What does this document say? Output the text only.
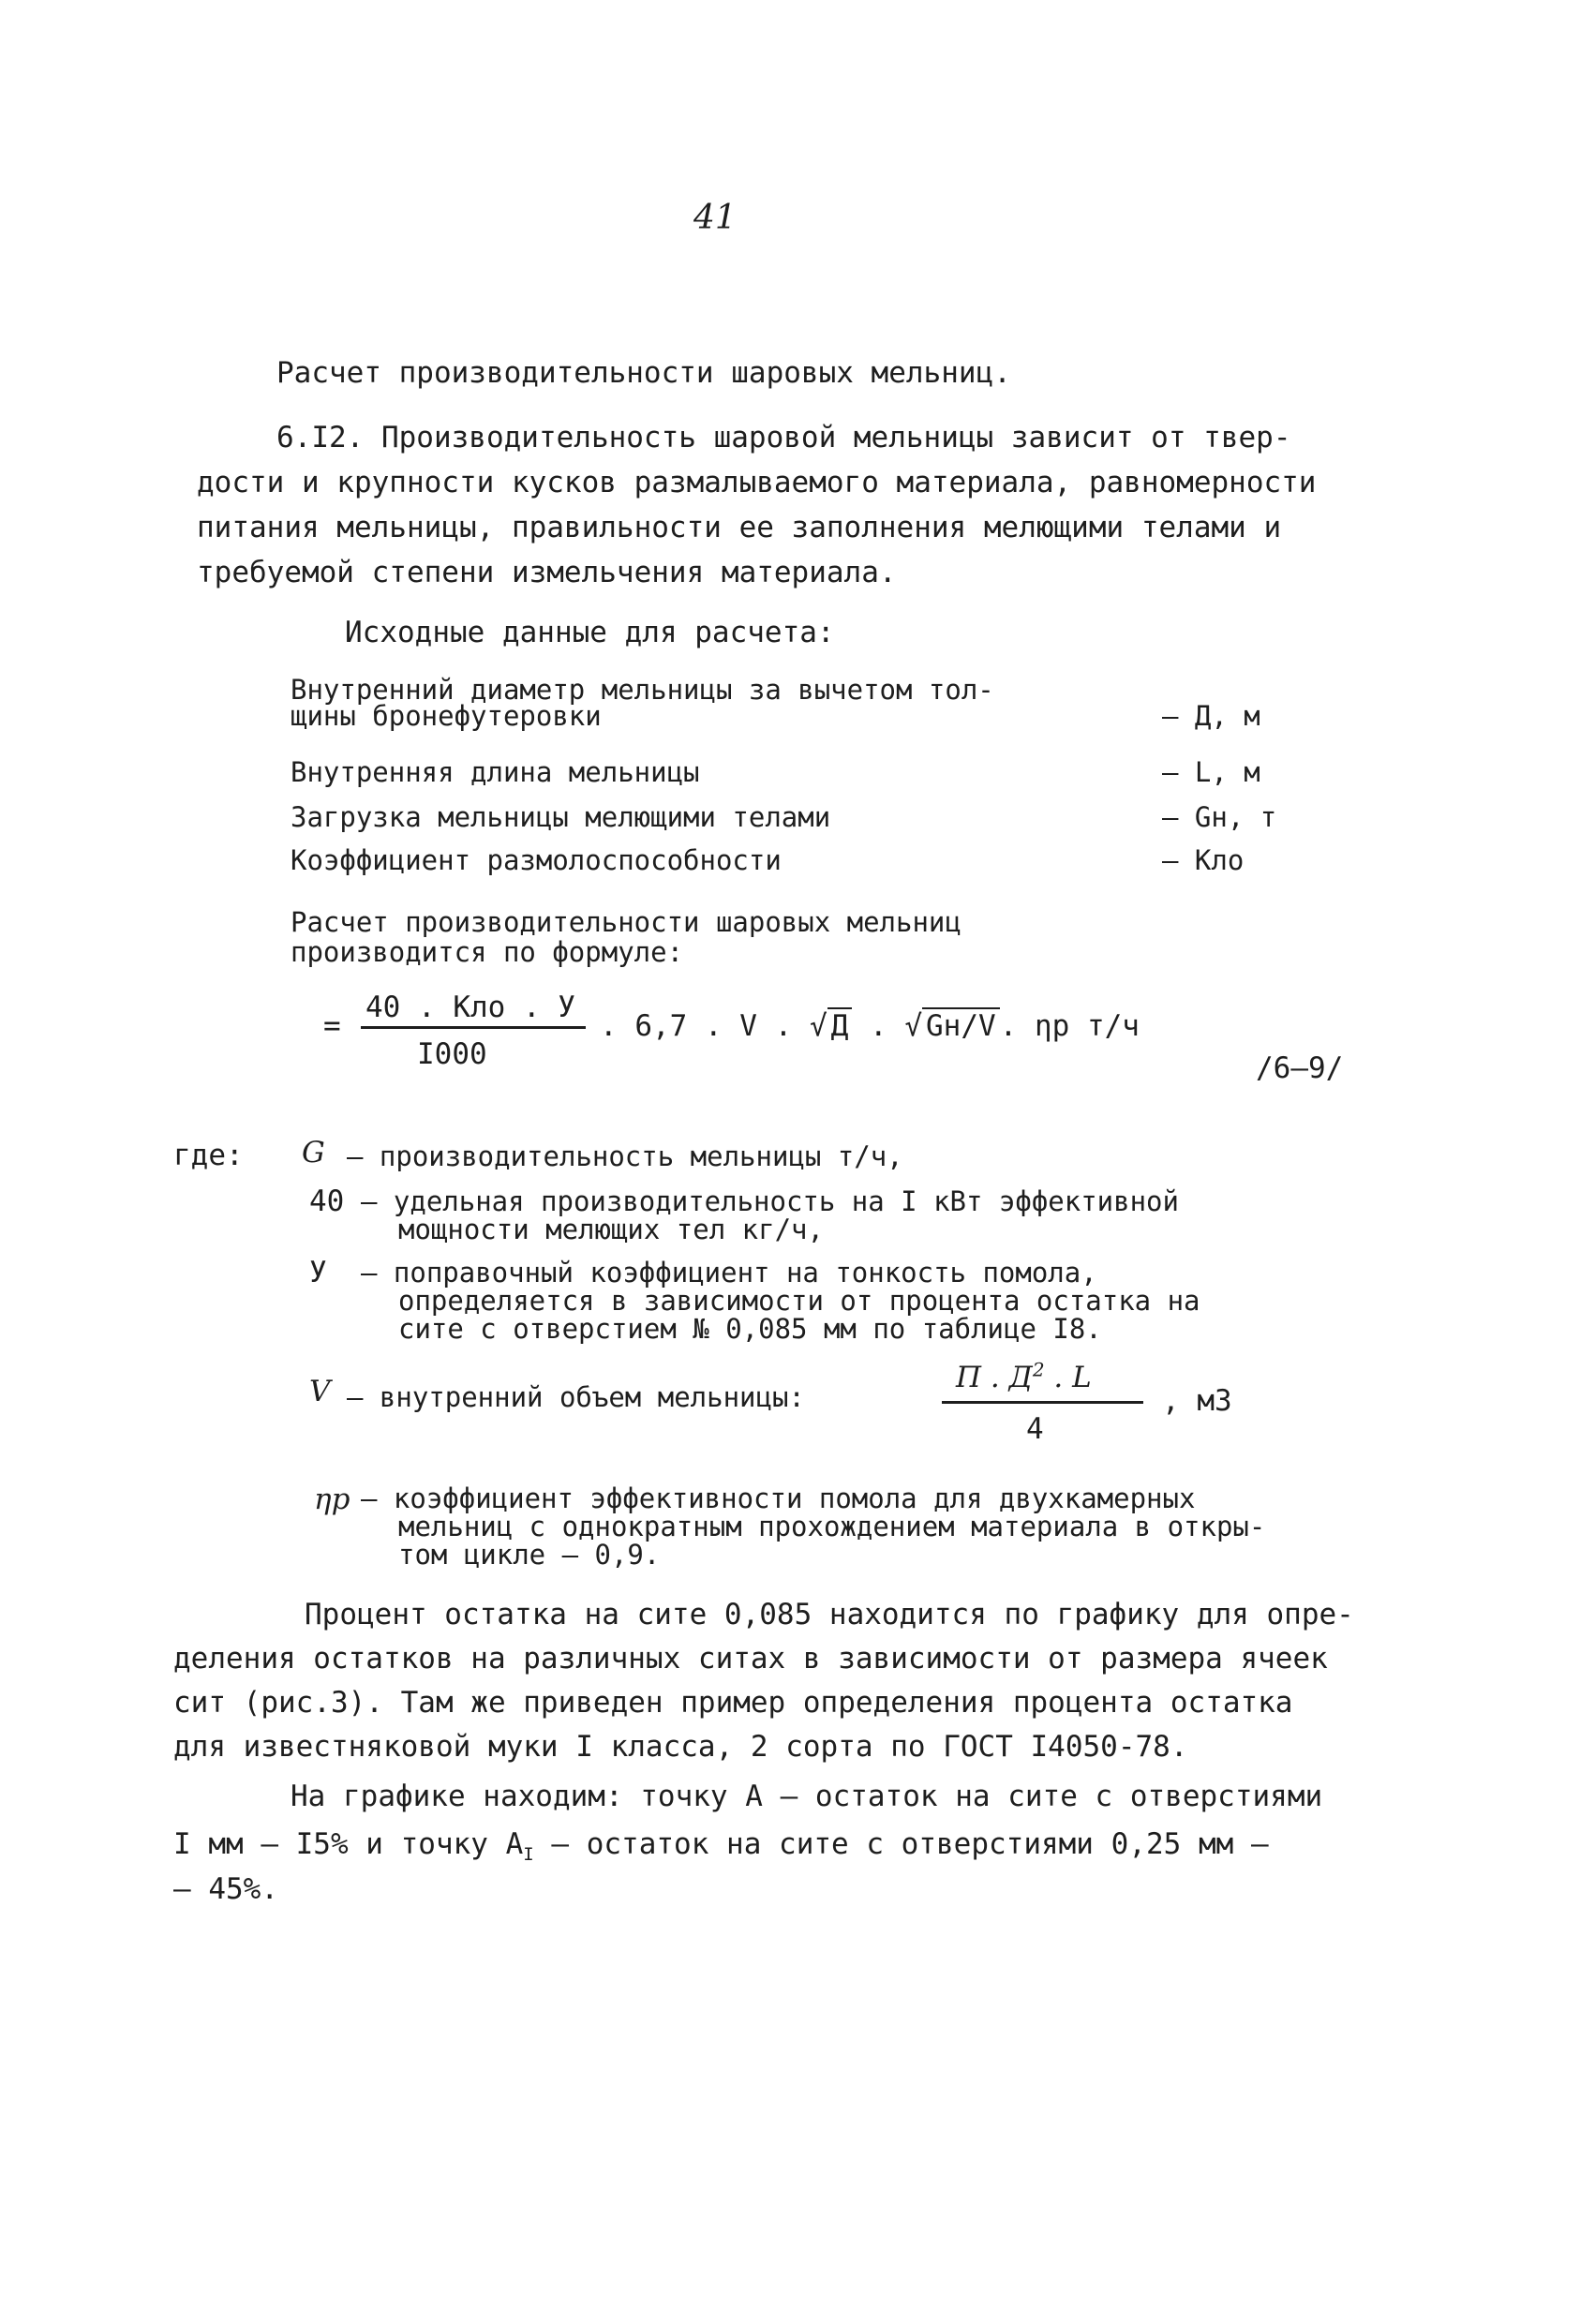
41
Расчет производительности шаровых мельниц.
6.I2. Производительность шаровой мельницы зависит от твер-
дости и крупности кусков размалываемого материала, равномерности
питания мельницы, правильности ее заполнения мелющими телами и
требуемой степени измельчения материала.
Исходные данные для расчета:
Внутренний диаметр мельницы за вычетом тол-
щины бронефутеровки	– Д, м
Внутренняя длина мельницы	– L, м
Загрузка мельницы мелющими телами	– Gн, т
Коэффициент размолоспособности	– Кло
Расчет производительности шаровых мельниц
производится по формуле:
=
40 . Кло . У
I000
. 6,7 . V . √ Д . √ Gн/V . ηр т/ч
/6–9/
где: G – производительность мельницы т/ч,
40 – удельная производительность на I кВт эффективной
мощности мелющих тел кг/ч,
У – поправочный коэффициент на тонкость помола,
определяется в зависимости от процента остатка на
сите с отверстием № 0,085 мм по таблице I8.
V – внутренний объем мельницы:
П . $Д^2$ . L
4
, м3
ηр – коэффициент эффективности помола для двухкамерных
мельниц с однократным прохождением материала в откры-
том цикле – 0,9.
Процент остатка на сите 0,085 находится по графику для опре-
деления остатков на различных ситах в зависимости от размера ячеек
сит (рис.3). Там же приведен пример определения процента остатка
для известняковой муки I класса, 2 сорта по ГОСТ I4050-78.
На графике находим: точку А – остаток на сите с отверстиями
I мм – I5% и точку $А_I$ – остаток на сите с отверстиями 0,25 мм –
– 45%.
